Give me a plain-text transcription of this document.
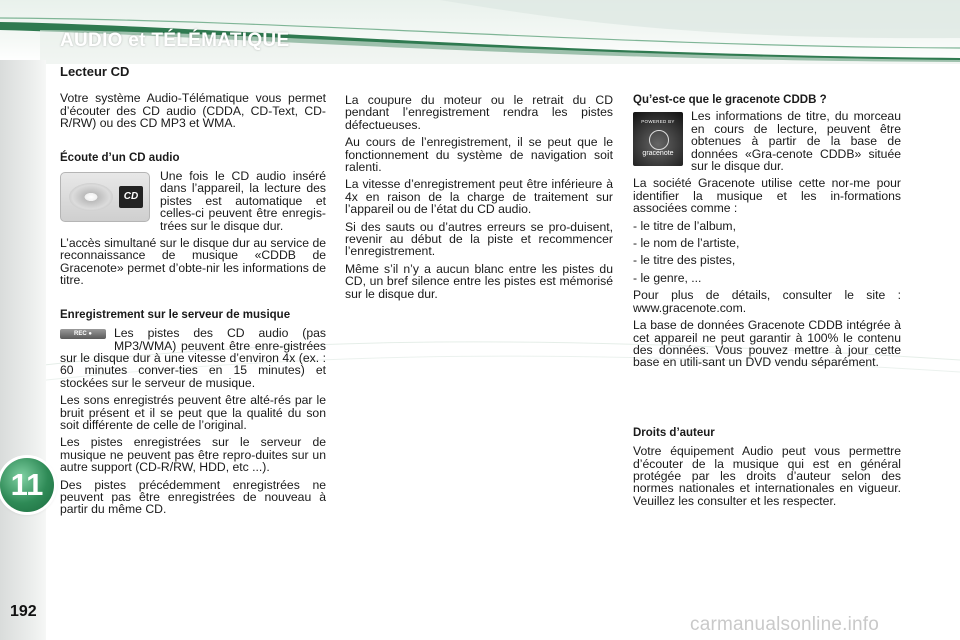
AUDIO et TÉLÉMATIQUE
11
192
carmanualsonline.info
Lecteur CD

Votre système Audio-Télématique vous permet d’écouter des CD audio (CDDA, CD-Text, CD-R/RW) ou des CD MP3 et WMA.

Écoute d’un CD audio
CD

Une fois le CD audio inséré dans l’appareil, la lecture des pistes est automatique et celles-ci peuvent être enregis-trées sur le disque dur.

L’accès simultané sur le disque dur au service de reconnaissance de musique «CDDB de Gracenote» permet d’obte-nir les informations de titre.

Enregistrement sur le serveur de musique
REC ●	Les pistes des CD audio (pas MP3/WMA) peuvent être enre-gistrées sur le disque dur à une vitesse d’environ 4x (ex. : 60 minutes conver-ties en 15 minutes) et stockées sur le serveur de musique.

Les sons enregistrés peuvent être alté-rés par le bruit présent et il se peut que la qualité du son soit différente de celle de l’original.

Les pistes enregistrées sur le serveur de musique ne peuvent pas être repro-duites sur un autre support (CD-R/RW, HDD, etc ...).

Des pistes précédemment enregistrées ne peuvent pas être enregistrées de nouveau à partir du même CD.

La coupure du moteur ou le retrait du CD pendant l’enregistrement rendra les pistes défectueuses.

Au cours de l’enregistrement, il se peut que le fonctionnement du système de navigation soit ralenti.

La vitesse d’enregistrement peut être inférieure à 4x en raison de la charge de traitement sur l’appareil ou de l’état du CD audio.

Si des sauts ou d’autres erreurs se pro-duisent, revenir au début de la piste et recommencer l’enregistrement.

Même s’il n’y a aucun blanc entre les pistes du CD, un bref silence entre les pistes est mémorisé sur le disque dur.

Qu’est-ce que le gracenote CDDB ?
POWERED BY
gracenote

Les informations de titre, du morceau en cours de lecture, peuvent être obtenues à partir de la base de données «Gra-cenote CDDB» située sur le disque dur.

La société Gracenote utilise cette nor-me pour identifier la musique et les in-formations associées comme :

- le titre de l’album,
- le nom de l’artiste,
- le titre des pistes,
- le genre, ...

Pour plus de détails, consulter le site : www.gracenote.com.

La base de données Gracenote CDDB intégrée à cet appareil ne peut garantir à 100% le contenu des données. Vous pouvez mettre à jour cette base en utili-sant un DVD vendu séparément.

Droits d’auteur

Votre équipement Audio peut vous permettre d’écouter de la musique qui est en général protégée par les droits d’auteur selon des normes nationales et internationales en vigueur. Veuillez les consulter et les respecter.
